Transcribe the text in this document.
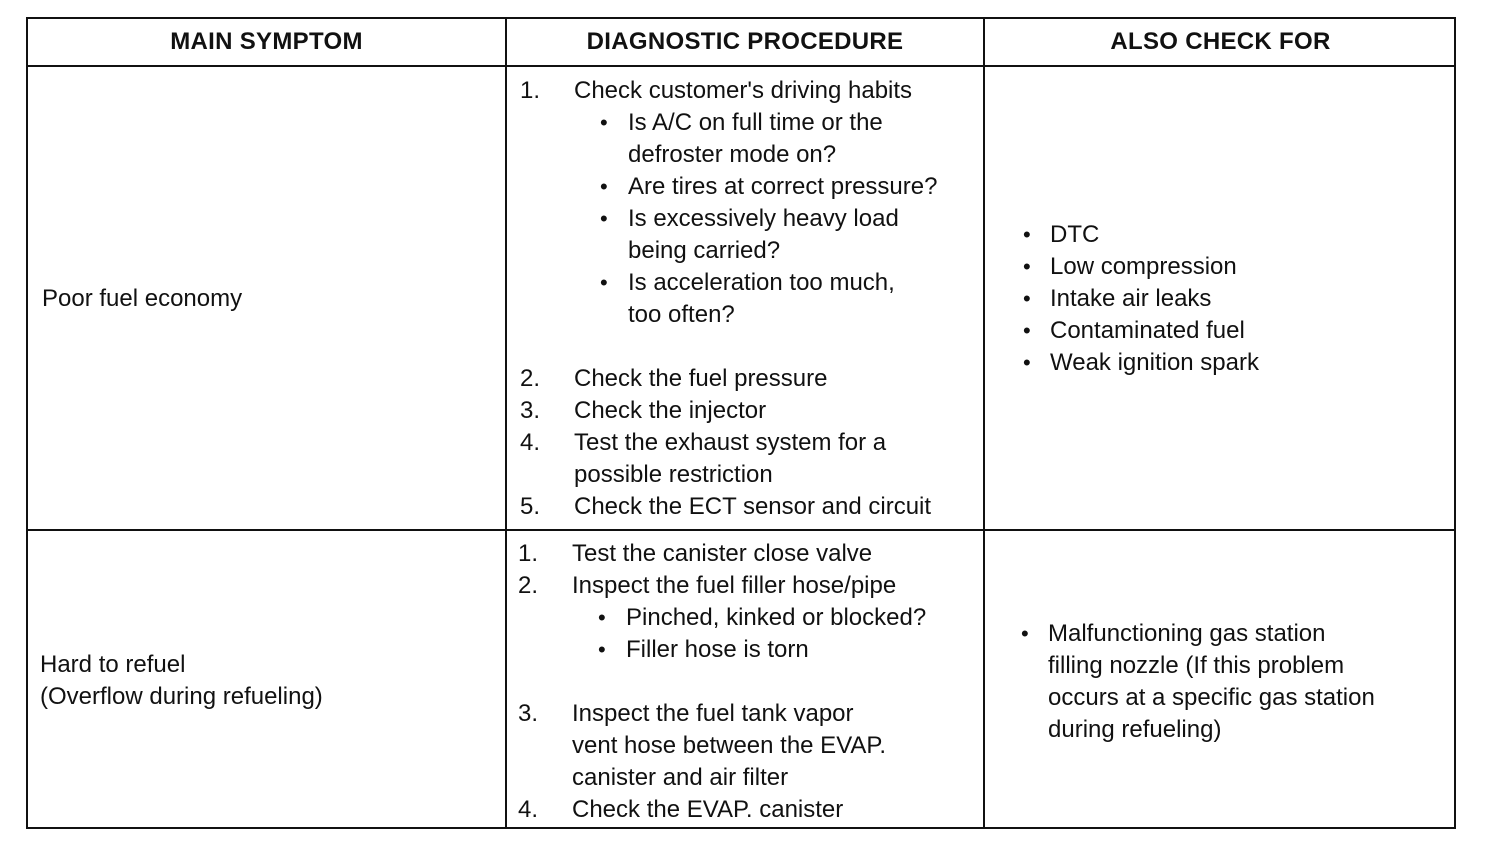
MAIN SYMPTOM	DIAGNOSTIC PROCEDURE	ALSO CHECK FOR
Poor fuel economy
1. Check customer's driving habits
• Is A/C on full time or the
defroster mode on?
• Are tires at correct pressure?
• Is excessively heavy load
being carried?
• Is acceleration too much,
too often?
2. Check the fuel pressure
3. Check the injector
4. Test the exhaust system for a
possible restriction
5. Check the ECT sensor and circuit
• DTC
• Low compression
• Intake air leaks
• Contaminated fuel
• Weak ignition spark
Hard to refuel
(Overflow during refueling)
1. Test the canister close valve
2. Inspect the fuel filler hose/pipe
• Pinched, kinked or blocked?
• Filler hose is torn
3. Inspect the fuel tank vapor
vent hose between the EVAP.
canister and air filter
4. Check the EVAP. canister
• Malfunctioning gas station
filling nozzle (If this problem
occurs at a specific gas station
during refueling)
